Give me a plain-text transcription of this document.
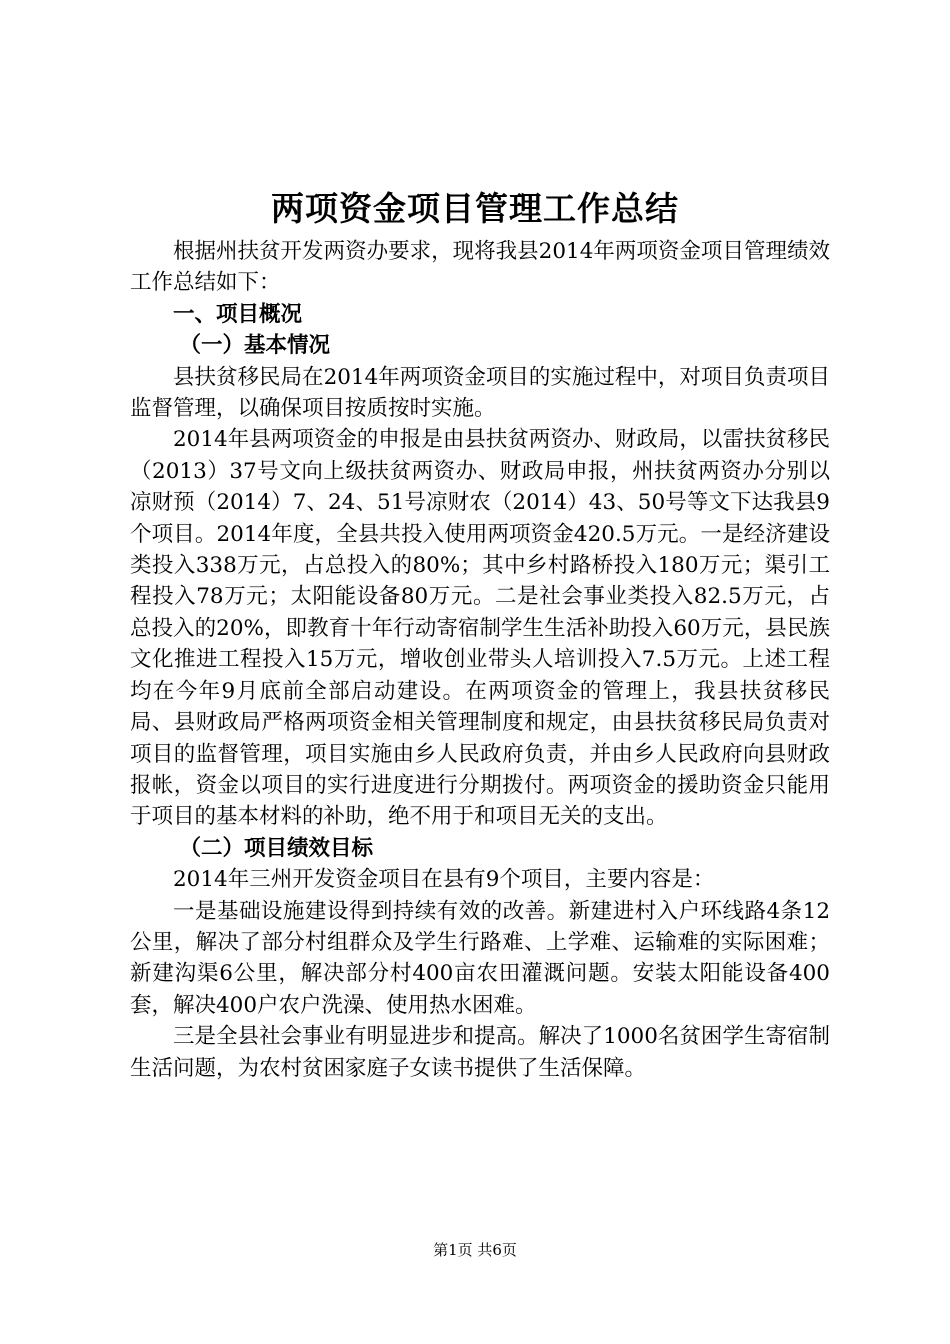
两项资金项目管理工作总结

根据州扶贫开发两资办要求，现将我县2014年两项资金项目管理绩效工作总结如下：

一、项目概况

（一）基本情况

县扶贫移民局在2014年两项资金项目的实施过程中，对项目负责项目监督管理，以确保项目按质按时实施。

2014年县两项资金的申报是由县扶贫两资办、财政局，以雷扶贫移民（2013）37号文向上级扶贫两资办、财政局申报，州扶贫两资办分别以凉财预（2014）7、24、51号凉财农（2014）43、50号等文下达我县9个项目。2014年度，全县共投入使用两项资金420.5万元。一是经济建设类投入338万元，占总投入的80%；其中乡村路桥投入180万元；渠引工程投入78万元；太阳能设备80万元。二是社会事业类投入82.5万元，占总投入的20%，即教育十年行动寄宿制学生生活补助投入60万元，县民族文化推进工程投入15万元，增收创业带头人培训投入7.5万元。上述工程均在今年9月底前全部启动建设。在两项资金的管理上，我县扶贫移民局、县财政局严格两项资金相关管理制度和规定，由县扶贫移民局负责对项目的监督管理，项目实施由乡人民政府负责，并由乡人民政府向县财政报帐，资金以项目的实行进度进行分期拨付。两项资金的援助资金只能用于项目的基本材料的补助，绝不用于和项目无关的支出。

（二）项目绩效目标

2014年三州开发资金项目在县有9个项目，主要内容是：

一是基础设施建设得到持续有效的改善。新建进村入户环线路4条12公里，解决了部分村组群众及学生行路难、上学难、运输难的实际困难；新建沟渠6公里，解决部分村400亩农田灌溉问题。安装太阳能设备400套，解决400户农户洗澡、使用热水困难。

三是全县社会事业有明显进步和提高。解决了1000名贫困学生寄宿制生活问题，为农村贫困家庭子女读书提供了生活保障。

第1页 共6页
